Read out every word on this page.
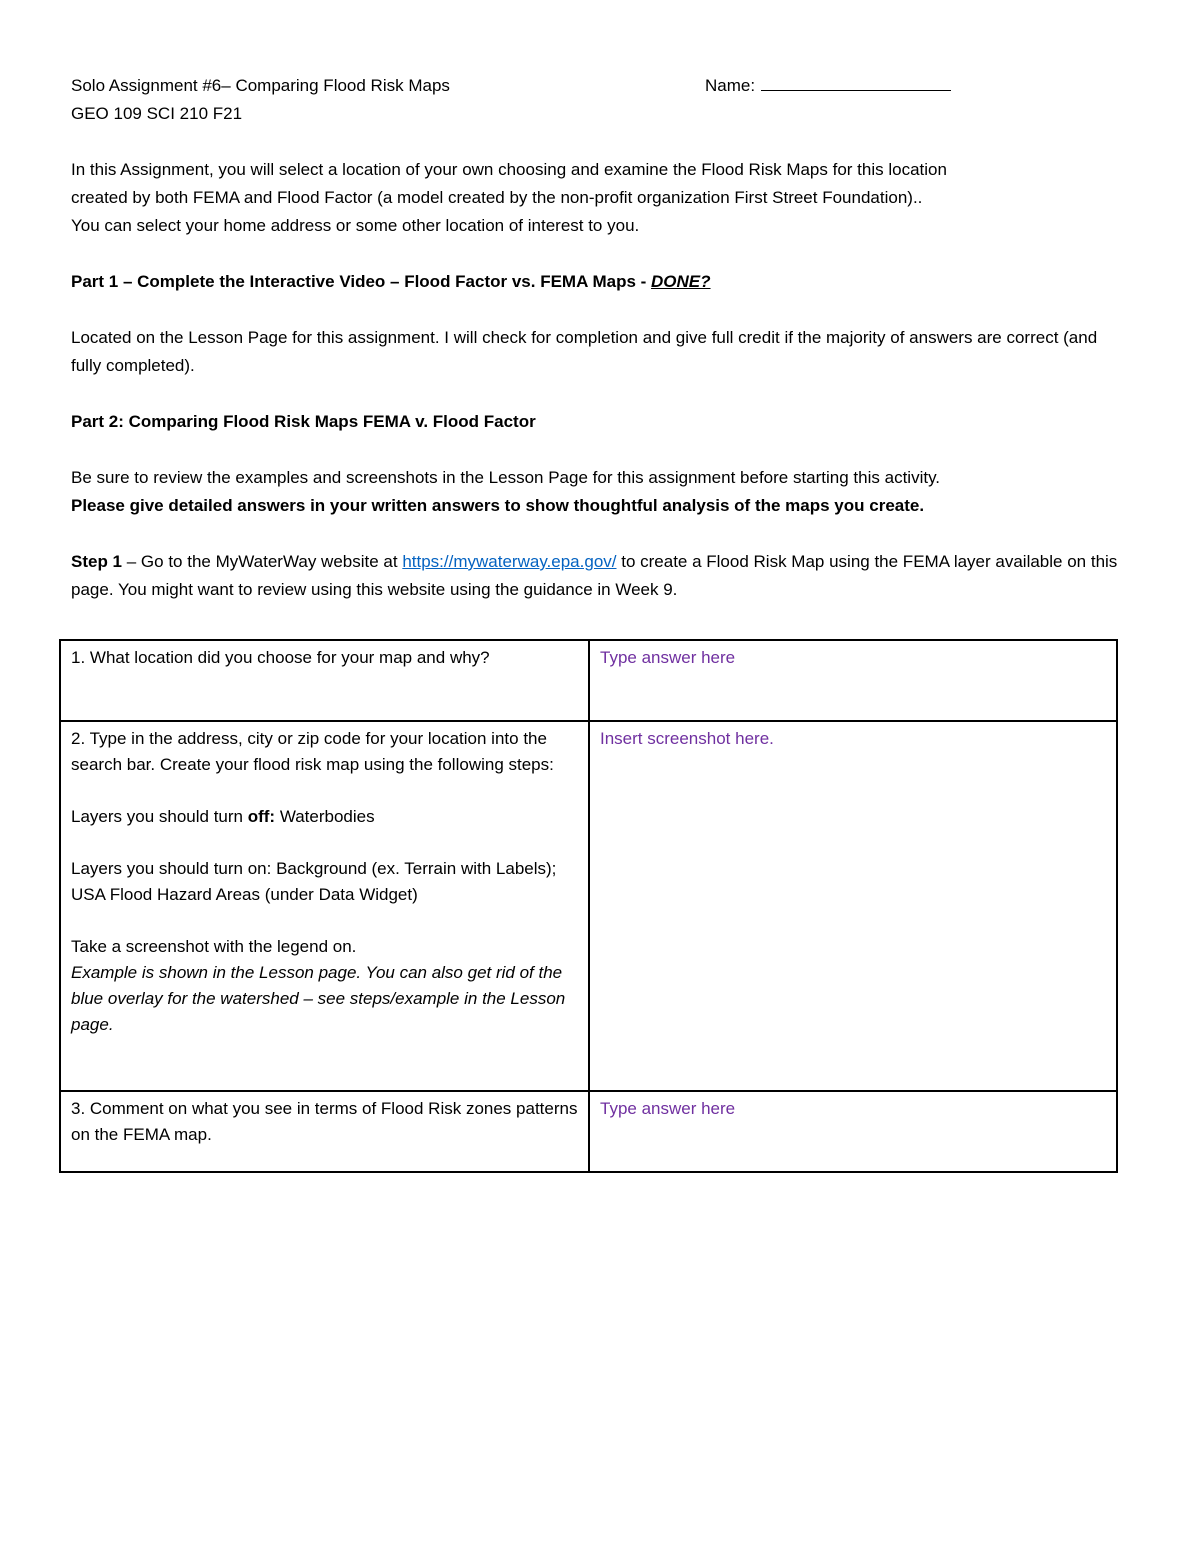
Solo Assignment #6– Comparing Flood Risk Maps	Name:

GEO 109 SCI 210 F21

In this Assignment, you will select a location of your own choosing and examine the Flood Risk Maps for this location

created by both FEMA and Flood Factor (a model created by the non-profit organization First Street Foundation)..

You can select your home address or some other location of interest to you.

Part 1 – Complete the Interactive Video – Flood Factor vs. FEMA Maps - DONE?

Located on the Lesson Page for this assignment. I will check for completion and give full credit if the majority of answers are correct (and fully completed).

Part 2: Comparing Flood Risk Maps FEMA v. Flood Factor

Be sure to review the examples and screenshots in the Lesson Page for this assignment before starting this activity.

Please give detailed answers in your written answers to show thoughtful analysis of the maps you create.

Step 1 – Go to the MyWaterWay website at https://mywaterway.epa.gov/ to create a Flood Risk Map using the FEMA layer available on this page. You might want to review using this website using the guidance in Week 9.

1. What location did you choose for your map and why?	Type answer here

2. Type in the address, city or zip code for your location into the search bar. Create your flood risk map using the following steps:
Layers you should turn off: Waterbodies
Layers you should turn on: Background (ex. Terrain with Labels); USA Flood Hazard Areas (under Data Widget)
Take a screenshot with the legend on.
Example is shown in the Lesson page. You can also get rid of the blue overlay for the watershed – see steps/example in the Lesson page.	Insert screenshot here.
3. Comment on what you see in terms of Flood Risk zones patterns on the FEMA map.	Type answer here
